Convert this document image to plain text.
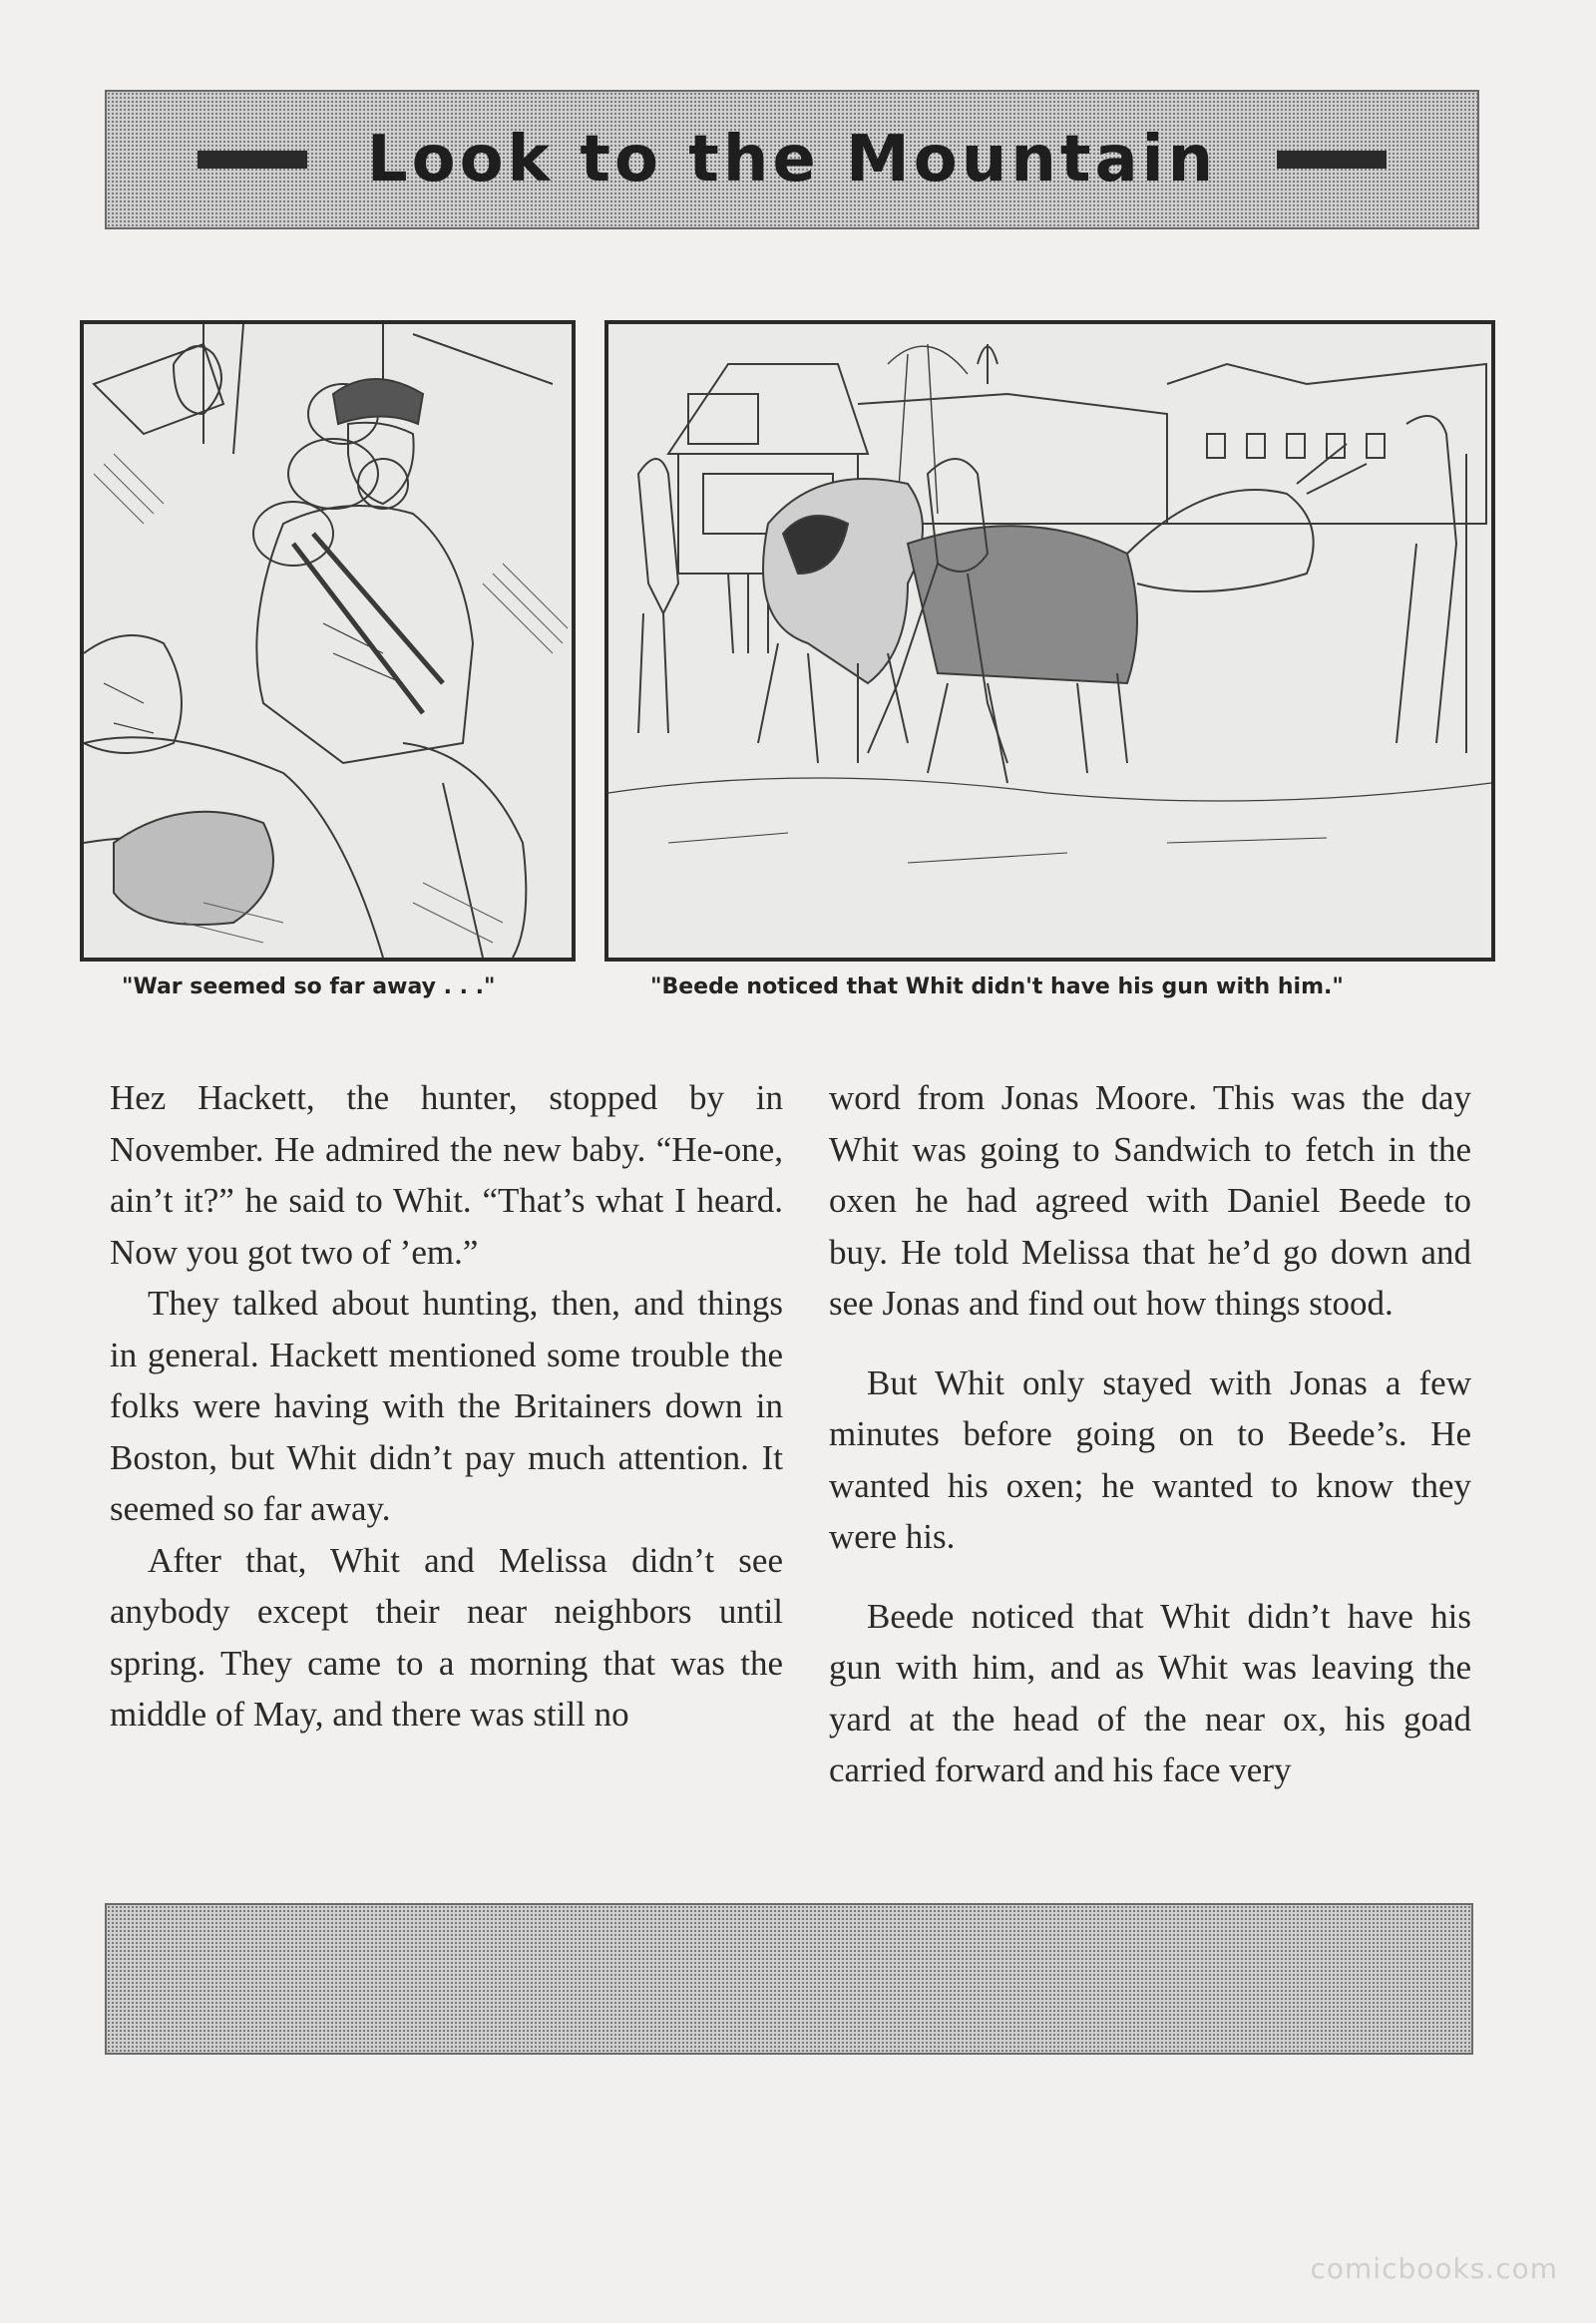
Look to the Mountain
"War seemed so far away . . ."	"Beede noticed that Whit didn't have his gun with him."

Hez Hackett, the hunter, stopped by in November. He admired the new baby. “He-one, ain’t it?” he said to Whit. “That’s what I heard. Now you got two of ’em.”

They talked about hunting, then, and things in general. Hackett mentioned some trouble the folks were having with the Britainers down in Boston, but Whit didn’t pay much attention. It seemed so far away.

After that, Whit and Melissa didn’t see anybody except their near neighbors until spring. They came to a morning that was the middle of May, and there was still no

word from Jonas Moore. This was the day Whit was going to Sandwich to fetch in the oxen he had agreed with Daniel Beede to buy. He told Melissa that he’d go down and see Jonas and find out how things stood.

But Whit only stayed with Jonas a few minutes before going on to Beede’s. He wanted his oxen; he wanted to know they were his.

Beede noticed that Whit didn’t have his gun with him, and as Whit was leaving the yard at the head of the near ox, his goad carried forward and his face very

comicbooks.com
